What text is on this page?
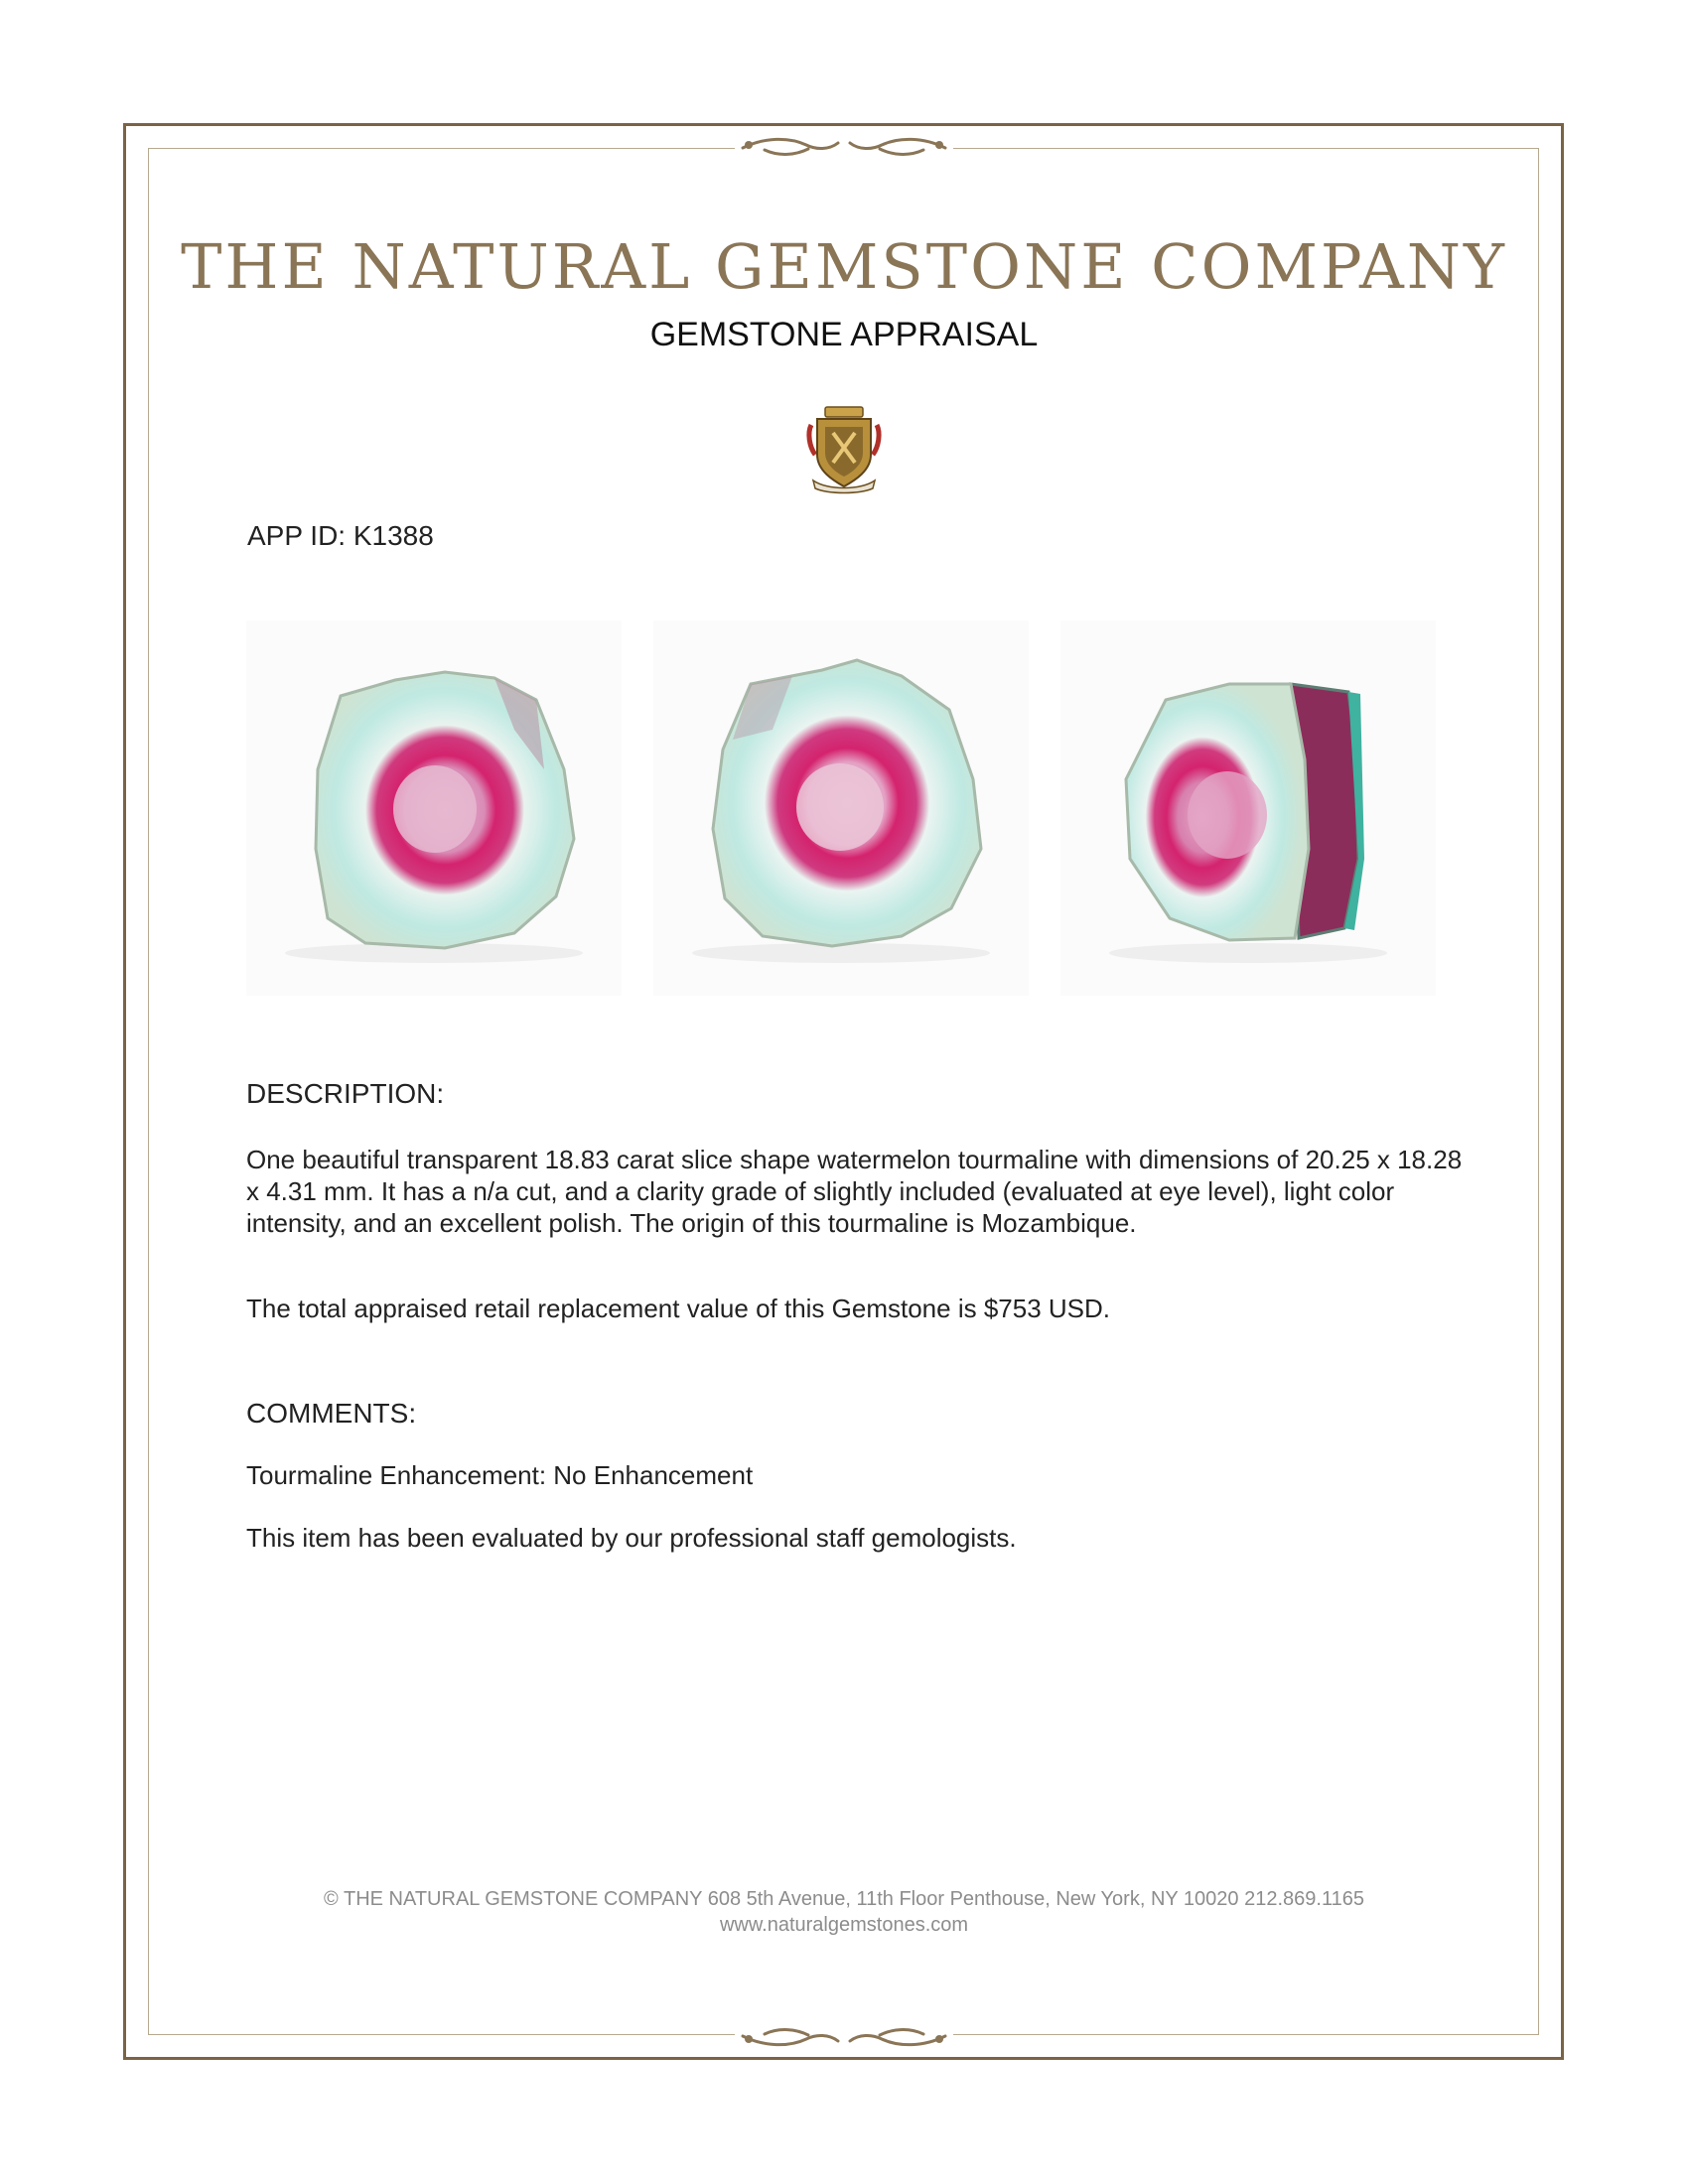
THE NATURAL GEMSTONE COMPANY
GEMSTONE APPRAISAL
APP ID: K1388
DESCRIPTION:
One beautiful transparent 18.83 carat slice shape watermelon tourmaline with dimensions of 20.25 x 18.28 x 4.31 mm. It has a n/a cut, and a clarity grade of slightly included (evaluated at eye level), light color intensity, and an excellent polish. The origin of this tourmaline is Mozambique.
The total appraised retail replacement value of this Gemstone is $753 USD.
COMMENTS:
Tourmaline Enhancement: No Enhancement
This item has been evaluated by our professional staff gemologists.
© THE NATURAL GEMSTONE COMPANY 608 5th Avenue, 11th Floor Penthouse, New York, NY 10020 212.869.1165
www.naturalgemstones.com
